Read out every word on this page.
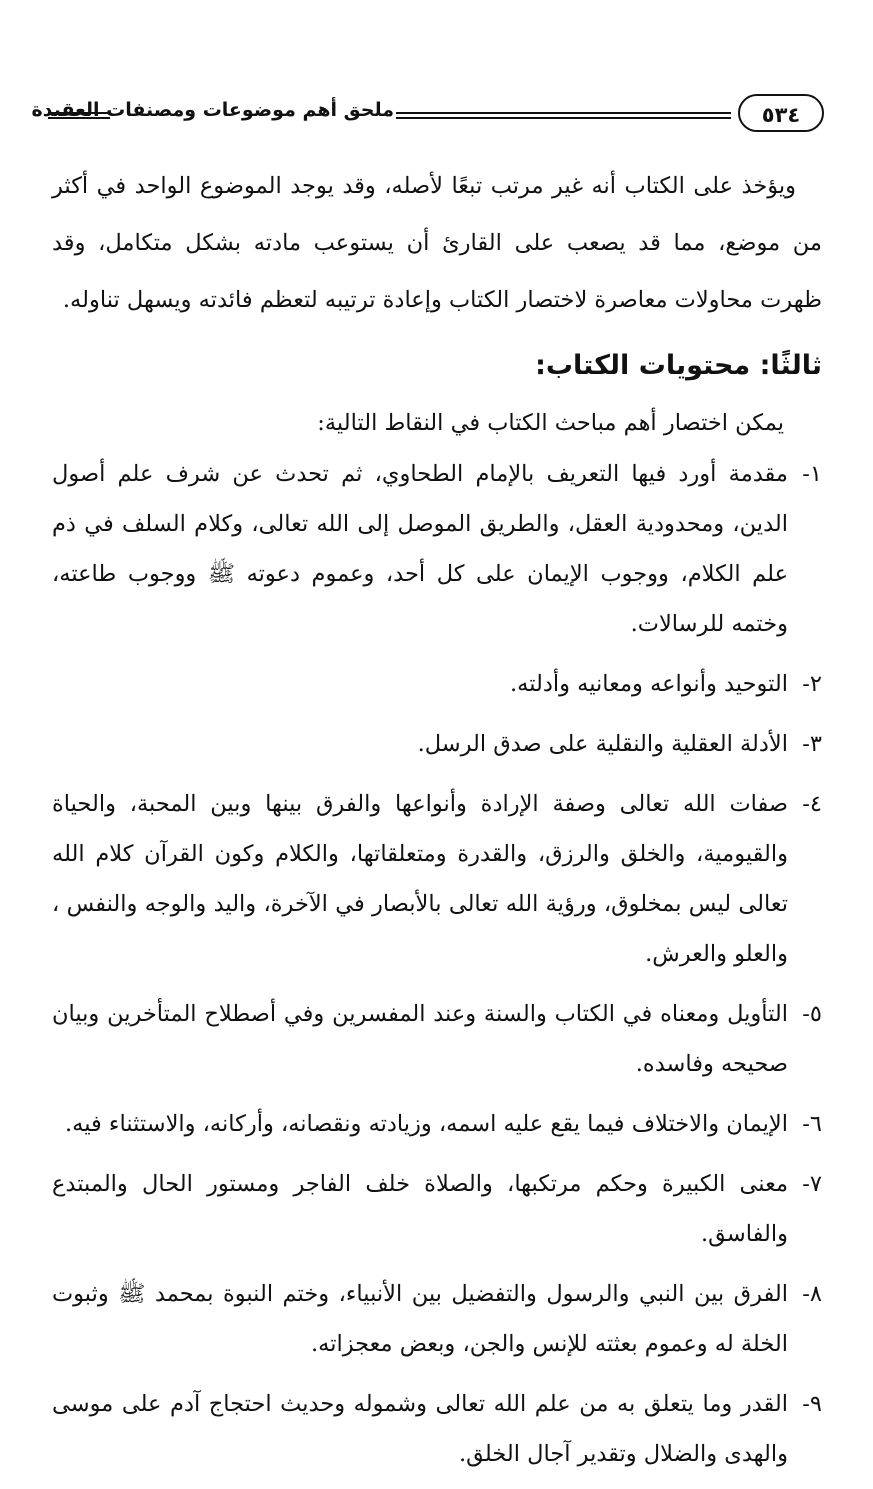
ملحق أهم موضوعات ومصنفات العقيدة	٥٣٤

ويؤخذ على الكتاب أنه غير مرتب تبعًا لأصله، وقد يوجد الموضوع الواحد في أكثر من موضع، مما قد يصعب على القارئ أن يستوعب مادته بشكل متكامل، وقد ظهرت محاولات معاصرة لاختصار الكتاب وإعادة ترتيبه لتعظم فائدته ويسهل تناوله.

ثالثًا: محتويات الكتاب:

يمكن اختصار أهم مباحث الكتاب في النقاط التالية:

١-
مقدمة أورد فيها التعريف بالإمام الطحاوي، ثم تحدث عن شرف علم أصول الدين، ومحدودية العقل، والطريق الموصل إلى الله تعالى، وكلام السلف في ذم علم الكلام، ووجوب الإيمان على كل أحد، وعموم دعوته ﷺ ووجوب طاعته، وختمه للرسالات.
٢-
التوحيد وأنواعه ومعانيه وأدلته.
٣-
الأدلة العقلية والنقلية على صدق الرسل.
٤-
صفات الله تعالى وصفة الإرادة وأنواعها والفرق بينها وبين المحبة، والحياة والقيومية، والخلق والرزق، والقدرة ومتعلقاتها، والكلام وكون القرآن كلام الله تعالى ليس بمخلوق، ورؤية الله تعالى بالأبصار في الآخرة، واليد والوجه والنفس ، والعلو والعرش.
٥-
التأويل ومعناه في الكتاب والسنة وعند المفسرين وفي أصطلاح المتأخرين وبيان صحيحه وفاسده.
٦-
الإيمان والاختلاف فيما يقع عليه اسمه، وزيادته ونقصانه، وأركانه، والاستثناء فيه.
٧-
معنى الكبيرة وحكم مرتكبها، والصلاة خلف الفاجر ومستور الحال والمبتدع والفاسق.
٨-
الفرق بين النبي والرسول والتفضيل بين الأنبياء، وختم النبوة بمحمد ﷺ وثبوت الخلة له وعموم بعثته للإنس والجن، وبعض معجزاته.
٩-
القدر وما يتعلق به من علم الله تعالى وشموله وحديث احتجاج آدم على موسى والهدى والضلال وتقدير آجال الخلق.
